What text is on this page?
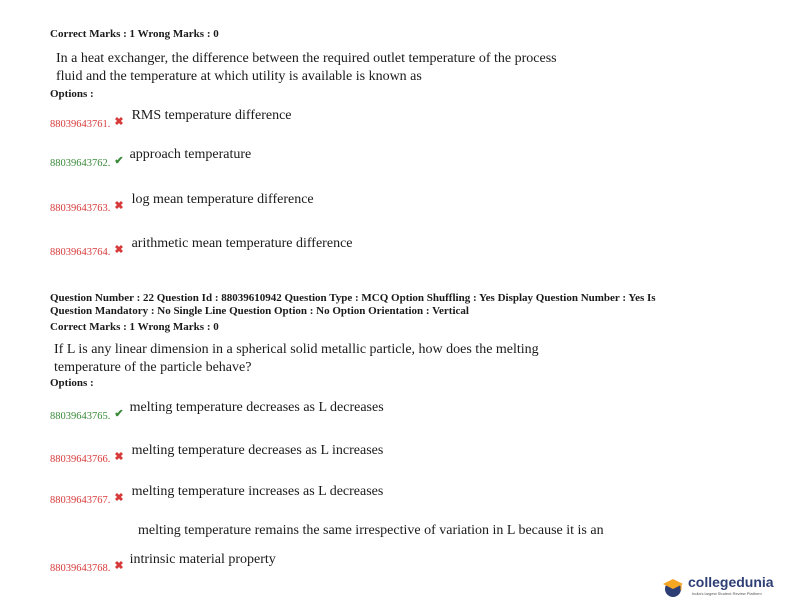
Correct Marks : 1 Wrong Marks : 0
In a heat exchanger, the difference between the required outlet temperature of the process
fluid and the temperature at which utility is available is known as
Options :
$_{88039643761.}$ $_✖$ RMS temperature difference
$_{88039643762.}$ $_✔$ approach temperature
$_{88039643763.}$ $_✖$ log mean temperature difference
$_{88039643764.}$ $_✖$ arithmetic mean temperature difference
Question Number : 22 Question Id : 88039610942 Question Type : MCQ Option Shuffling : Yes Display Question Number : Yes Is
Question Mandatory : No Single Line Question Option : No Option Orientation : Vertical
Correct Marks : 1 Wrong Marks : 0
If L is any linear dimension in a spherical solid metallic particle, how does the melting
temperature of the particle behave?
Options :
$_{88039643765.}$ $_✔$ melting temperature decreases as L decreases
$_{88039643766.}$ $_✖$ melting temperature decreases as L increases
$_{88039643767.}$ $_✖$ melting temperature increases as L decreases
melting temperature remains the same irrespective of variation in L because it is an
$_{88039643768.}$ $_✖$ intrinsic material property
collegedunia
India's largest Student Review Platform
